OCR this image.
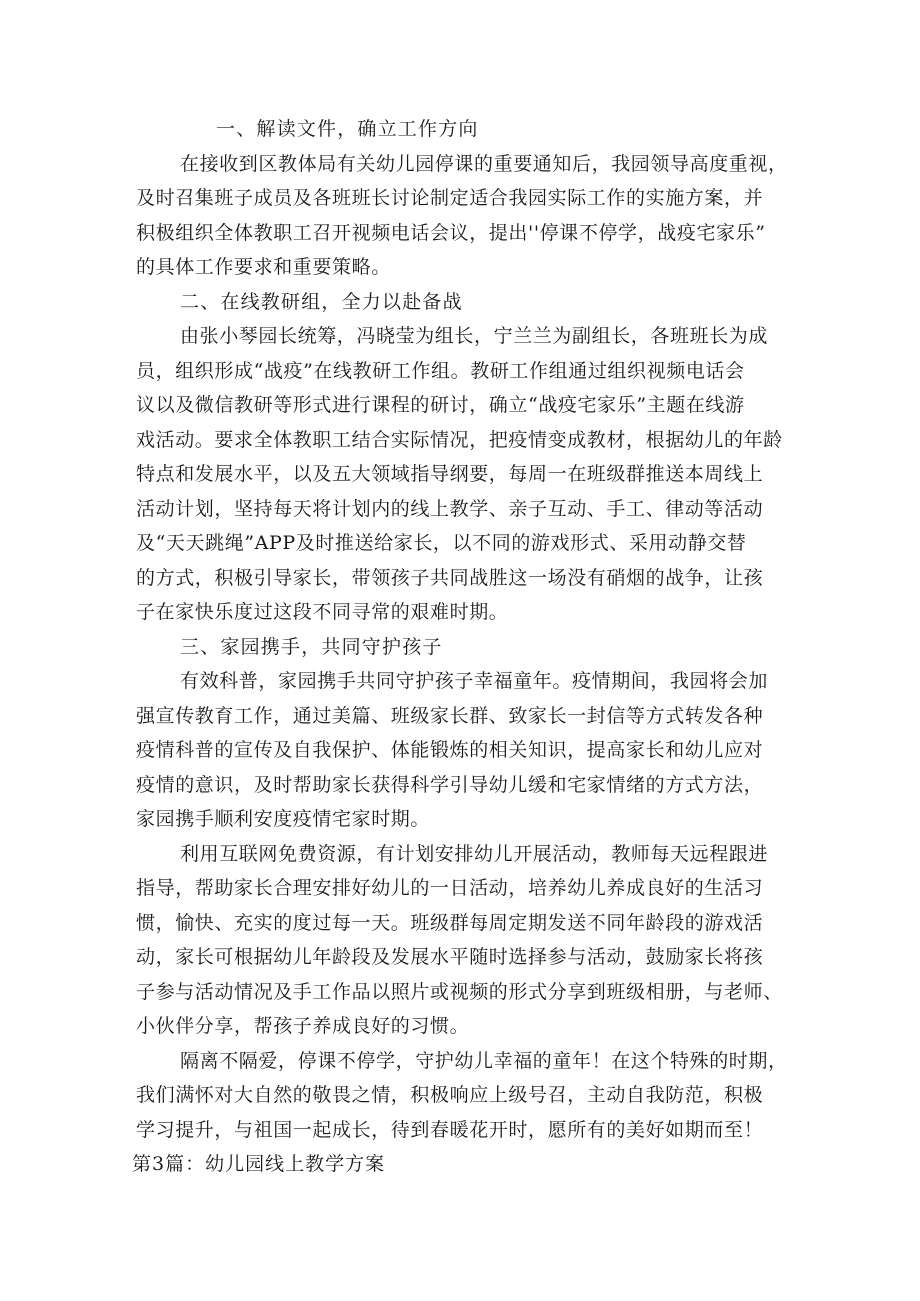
一、解读文件，确立工作方向
在接收到区教体局有关幼儿园停课的重要通知后，我园领导高度重视，
及时召集班子成员及各班班长讨论制定适合我园实际工作的实施方案，并
积极组织全体教职工召开视频电话会议，提出''停课不停学，战疫宅家乐”
的具体工作要求和重要策略。
二、在线教研组，全力以赴备战
由张小琴园长统筹，冯晓莹为组长，宁兰兰为副组长，各班班长为成
员，组织形成“战疫”在线教研工作组。教研工作组通过组织视频电话会
议以及微信教研等形式进行课程的研讨，确立“战疫宅家乐”主题在线游
戏活动。要求全体教职工结合实际情况，把疫情变成教材，根据幼儿的年龄
特点和发展水平，以及五大领域指导纲要，每周一在班级群推送本周线上
活动计划，坚持每天将计划内的线上教学、亲子互动、手工、律动等活动
及“天天跳绳”APP及时推送给家长，以不同的游戏形式、采用动静交替
的方式，积极引导家长，带领孩子共同战胜这一场没有硝烟的战争，让孩
子在家快乐度过这段不同寻常的艰难时期。
三、家园携手，共同守护孩子
有效科普，家园携手共同守护孩子幸福童年。疫情期间，我园将会加
强宣传教育工作，通过美篇、班级家长群、致家长一封信等方式转发各种
疫情科普的宣传及自我保护、体能锻炼的相关知识，提高家长和幼儿应对
疫情的意识，及时帮助家长获得科学引导幼儿缓和宅家情绪的方式方法，
家园携手顺利安度疫情宅家时期。
利用互联网免费资源，有计划安排幼儿开展活动，教师每天远程跟进
指导，帮助家长合理安排好幼儿的一日活动，培养幼儿养成良好的生活习
惯，愉快、充实的度过每一天。班级群每周定期发送不同年龄段的游戏活
动，家长可根据幼儿年龄段及发展水平随时选择参与活动，鼓励家长将孩
子参与活动情况及手工作品以照片或视频的形式分享到班级相册，与老师、
小伙伴分享，帮孩子养成良好的习惯。
隔离不隔爱，停课不停学，守护幼儿幸福的童年！在这个特殊的时期，
我们满怀对大自然的敬畏之情，积极响应上级号召，主动自我防范，积极
学习提升，与祖国一起成长，待到春暖花开时，愿所有的美好如期而至！
第3篇：幼儿园线上教学方案
